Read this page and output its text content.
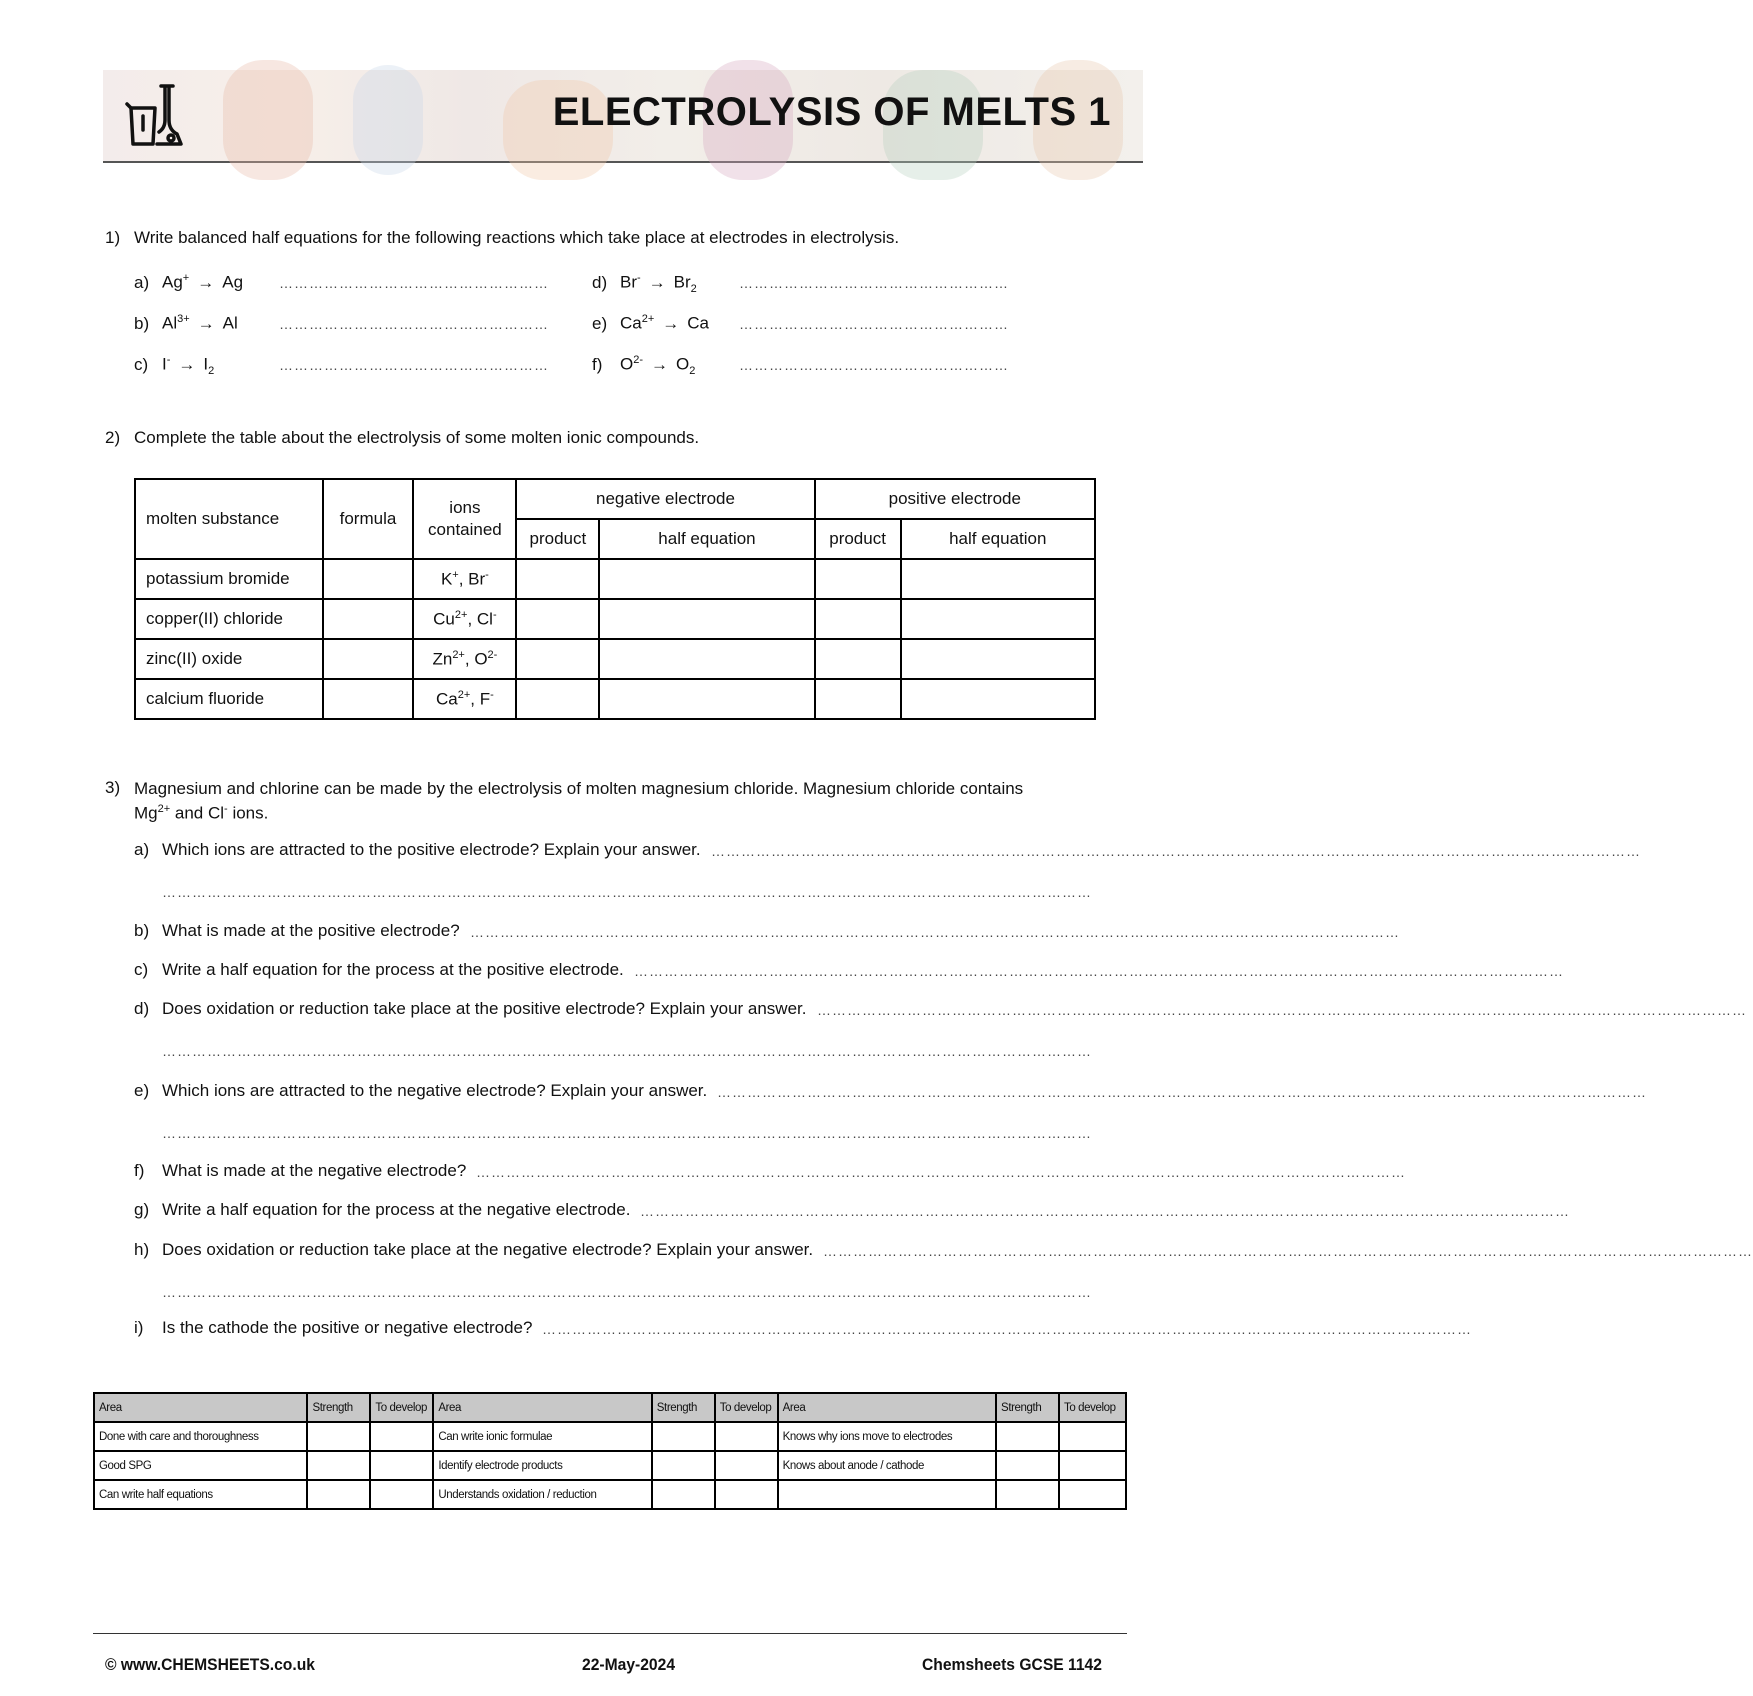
ELECTROLYSIS OF MELTS 1
1) Write balanced half equations for the following reactions which take place at electrodes in electrolysis.
2) Complete the table about the electrolysis of some molten ionic compounds.
molten substance	formula	ions contained	negative electrode		positive electrode	
			product	half equation	product	half equation
potassium bromide		K+, Br-				
copper(II) chloride		$Cu^{2+}$, Cl-				
zinc(II) oxide		$Zn^{2+}$, $O^{2-}$				
calcium fluoride		$Ca^{2+}$, F-				
3) Magnesium and chlorine can be made by the electrolysis of molten magnesium chloride. Magnesium chloride contains
$Mg^{2+}$ and Cl- ions.
Area	Strength	To develop	Area	Strength	To develop	Area	Strength	To develop
Done with care and thoroughness			Can write ionic formulae			Knows why ions move to electrodes		
Good SPG			Identify electrode products			Knows about anode / cathode		
Can write half equations			Understands oxidation / reduction					
© www.CHEMSHEETS.co.uk	22-May-2024	Chemsheets GCSE 1142
a) Ag+ → Ag	………………………………………………
b) $Al^{3+} \to Al$	………………………………………………
c) $I^- \to I_2$	………………………………………………
d) $Br^- \to Br_2$	………………………………………………
e) $Ca^{2+} \to Ca$ ………………………………………………
f) $O^{2-} \to O_2$	………………………………………………
a) Which ions are attracted to the positive electrode? Explain your answer. ……………………………………………………………………………………………………………………………………………………………………
……………………………………………………………………………………………………………………………………………………………………
b) What is made at the positive electrode? ……………………………………………………………………………………………………………………………………………………………………
c) Write a half equation for the process at the positive electrode. ……………………………………………………………………………………………………………………………………………………………………
d) Does oxidation or reduction take place at the positive electrode? Explain your answer. ……………………………………………………………………………………………………………………………………………………………………
……………………………………………………………………………………………………………………………………………………………………
e) Which ions are attracted to the negative electrode? Explain your answer. ……………………………………………………………………………………………………………………………………………………………………
……………………………………………………………………………………………………………………………………………………………………
f) What is made at the negative electrode? ……………………………………………………………………………………………………………………………………………………………………
g) Write a half equation for the process at the negative electrode. ……………………………………………………………………………………………………………………………………………………………………
h) Does oxidation or reduction take place at the negative electrode? Explain your answer. ……………………………………………………………………………………………………………………………………………………………………
……………………………………………………………………………………………………………………………………………………………………
i) Is the cathode the positive or negative electrode? ……………………………………………………………………………………………………………………………………………………………………
